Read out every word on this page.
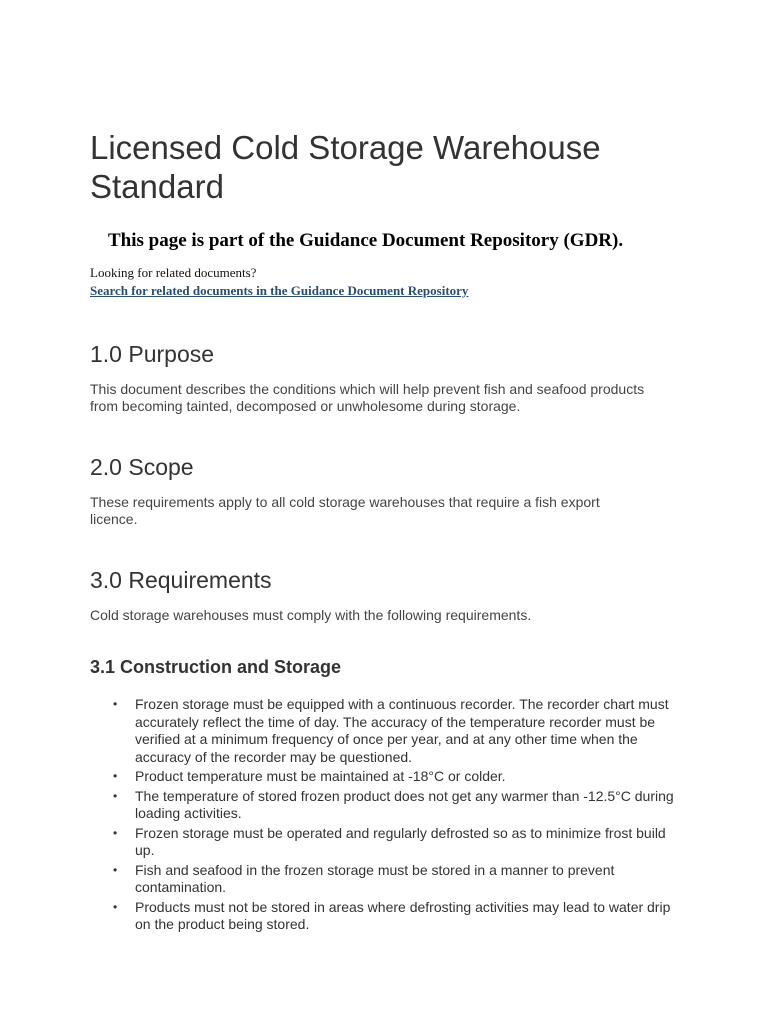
Licensed Cold Storage Warehouse Standard
This page is part of the Guidance Document Repository (GDR).
Looking for related documents?
Search for related documents in the Guidance Document Repository
1.0 Purpose

This document describes the conditions which will help prevent fish and seafood products from becoming tainted, decomposed or unwholesome during storage.

2.0 Scope

These requirements apply to all cold storage warehouses that require a fish export licence.

3.0 Requirements

Cold storage warehouses must comply with the following requirements.

3.1 Construction and Storage
• Frozen storage must be equipped with a continuous recorder. The recorder chart must accurately reflect the time of day. The accuracy of the temperature recorder must be verified at a minimum frequency of once per year, and at any other time when the accuracy of the recorder may be questioned.
• Product temperature must be maintained at -18°C or colder.
• The temperature of stored frozen product does not get any warmer than -12.5°C during loading activities.
• Frozen storage must be operated and regularly defrosted so as to minimize frost build up.
• Fish and seafood in the frozen storage must be stored in a manner to prevent contamination.
• Products must not be stored in areas where defrosting activities may lead to water drip on the product being stored.
